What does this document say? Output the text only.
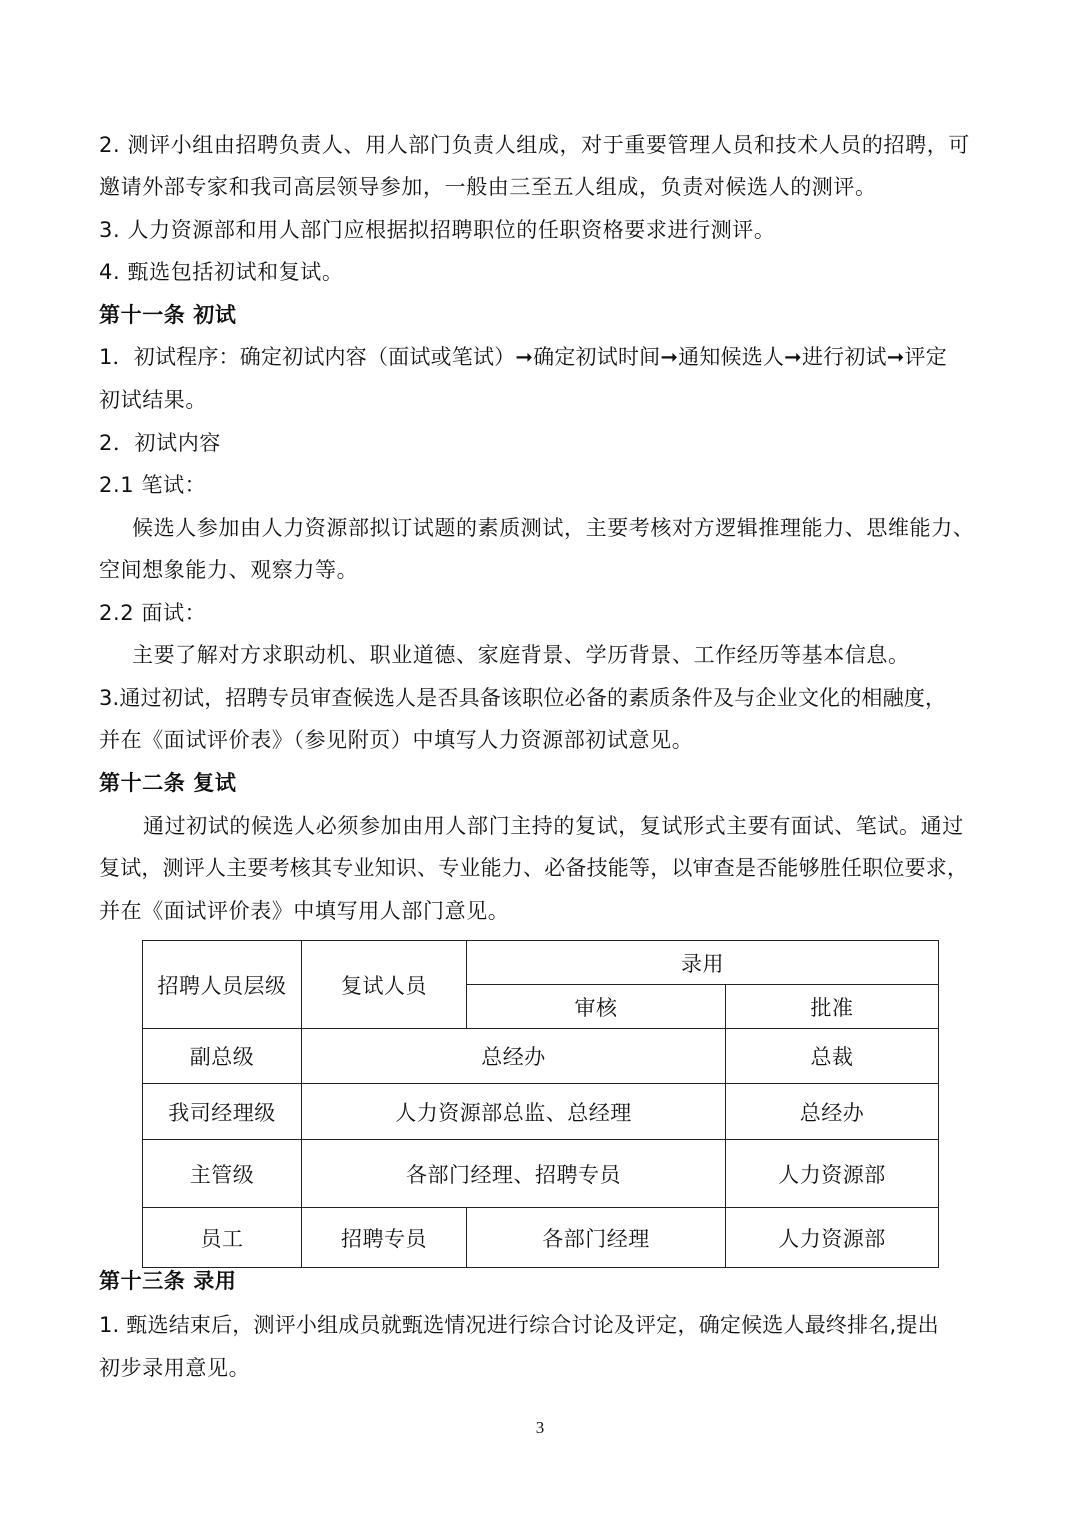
2. 测评小组由招聘负责人、用人部门负责人组成，对于重要管理人员和技术人员的招聘，可
邀请外部专家和我司高层领导参加，一般由三至五人组成，负责对候选人的测评。
3. 人力资源部和用人部门应根据拟招聘职位的任职资格要求进行测评。
4. 甄选包括初试和复试。
第十一条 初试
1．初试程序：确定初试内容（面试或笔试）➞确定初试时间➞通知候选人➞进行初试➞评定
初试结果。
2．初试内容
2.1 笔试：
候选人参加由人力资源部拟订试题的素质测试，主要考核对方逻辑推理能力、思维能力、
空间想象能力、观察力等。
2.2 面试：
主要了解对方求职动机、职业道德、家庭背景、学历背景、工作经历等基本信息。
3.通过初试，招聘专员审查候选人是否具备该职位必备的素质条件及与企业文化的相融度，
并在《面试评价表》（参见附页）中填写人力资源部初试意见。
第十二条 复试
通过初试的候选人必须参加由用人部门主持的复试，复试形式主要有面试、笔试。通过
复试，测评人主要考核其专业知识、专业能力、必备技能等，以审查是否能够胜任职位要求，
并在《面试评价表》中填写用人部门意见。
招聘人员层级	复试人员	录用	
		审核	批准
副总级	总经办		总裁
我司经理级	人力资源部总监、总经理		总经办
主管级	各部门经理、招聘专员		人力资源部
员工	招聘专员	各部门经理	人力资源部
第十三条 录用
1. 甄选结束后，测评小组成员就甄选情况进行综合讨论及评定，确定候选人最终排名,提出
初步录用意见。
3
